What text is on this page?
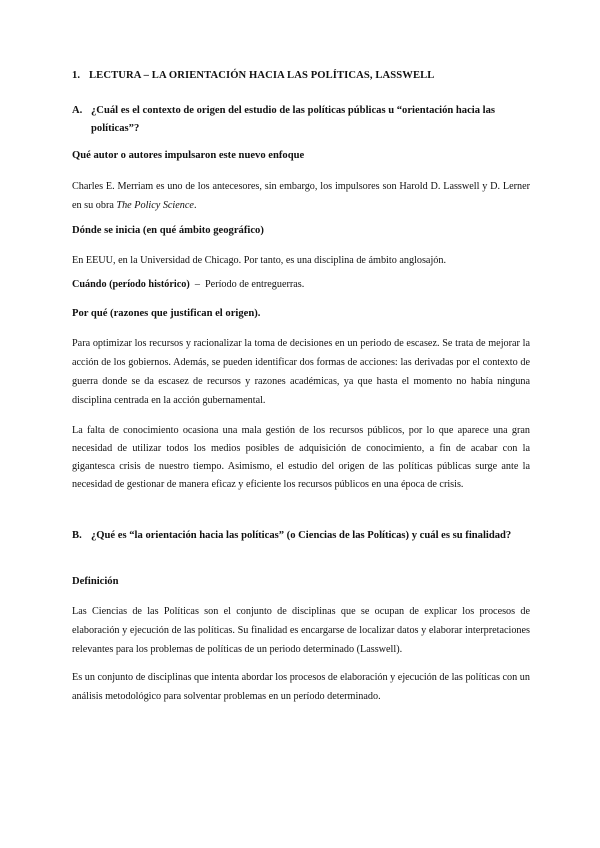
1. LECTURA – LA ORIENTACIÓN HACIA LAS POLÍTICAS, LASSWELL
A. ¿Cuál es el contexto de origen del estudio de las políticas públicas u “orientación hacia las políticas”?
Qué autor o autores impulsaron este nuevo enfoque

Charles E. Merriam es uno de los antecesores, sin embargo, los impulsores son Harold D. Lasswell y D. Lerner en su obra The Policy Science.

Dónde se inicia (en qué ámbito geográfico)

En EEUU, en la Universidad de Chicago. Por tanto, es una disciplina de ámbito anglosajón.

Cuándo (período histórico)  –  Período de entreguerras.
Por qué (razones que justifican el origen).

Para optimizar los recursos y racionalizar la toma de decisiones en un periodo de escasez. Se trata de mejorar la acción de los gobiernos. Además, se pueden identificar dos formas de acciones: las derivadas por el contexto de guerra donde se da escasez de recursos y razones académicas, ya que hasta el momento no había ninguna disciplina centrada en la acción gubernamental.

La falta de conocimiento ocasiona una mala gestión de los recursos públicos, por lo que aparece una gran necesidad de utilizar todos los medios posibles de adquisición de conocimiento, a fin de acabar con la gigantesca crisis de nuestro tiempo. Asimismo, el estudio del origen de las políticas públicas surge ante la necesidad de gestionar de manera eficaz y eficiente los recursos públicos en una época de crisis.

B. ¿Qué es “la orientación hacia las políticas” (o Ciencias de las Políticas) y cuál es su finalidad?
Definición

Las Ciencias de las Políticas son el conjunto de disciplinas que se ocupan de explicar los procesos de elaboración y ejecución de las políticas. Su finalidad es encargarse de localizar datos y elaborar interpretaciones relevantes para los problemas de políticas de un periodo determinado (Lasswell).

Es un conjunto de disciplinas que intenta abordar los procesos de elaboración y ejecución de las políticas con un análisis metodológico para solventar problemas en un período determinado.
